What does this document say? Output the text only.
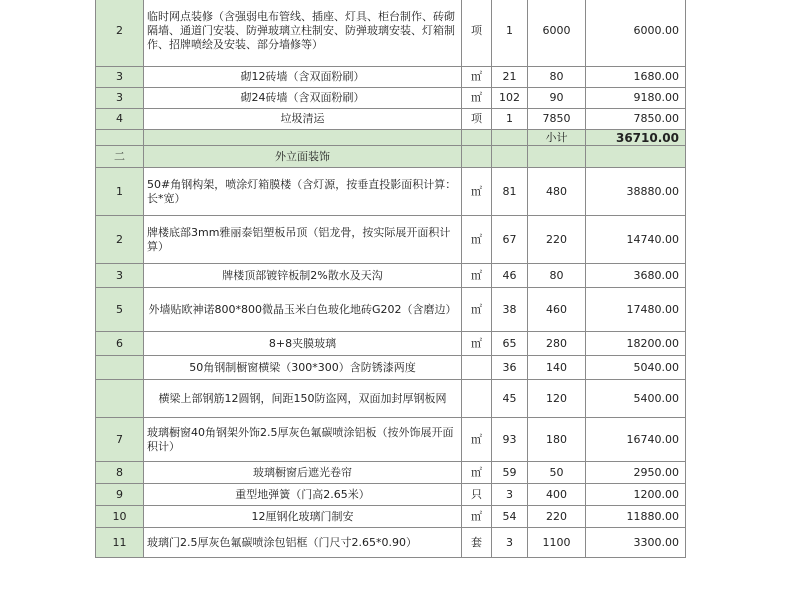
2	临时网点装修（含强弱电布管线、插座、灯具、柜台制作、砖砌隔墙、通道门安装、防弹玻璃立柱制安、防弹玻璃安装、灯箱制作、招牌喷绘及安装、部分墙修等）	项	1	6000	6000.00
3	砌12砖墙（含双面粉刷）	㎡	21	80	1680.00
3	砌24砖墙（含双面粉刷）	㎡	102	90	9180.00
4	垃圾清运	项	1	7850	7850.00
				小计	36710.00
二	外立面装饰				
1	50#角钢构架，喷涂灯箱膜楼（含灯源，按垂直投影面积计算：长*宽）	㎡	81	480	38880.00
2	牌楼底部3mm雅丽泰铝塑板吊顶（铝龙骨，按实际展开面积计算）	㎡	67	220	14740.00
3	牌楼顶部镀锌板制2%散水及天沟	㎡	46	80	3680.00
5	外墙贴欧神诺800*800微晶玉米白色玻化地砖G202（含磨边）	㎡	38	460	17480.00
6	8+8夹膜玻璃	㎡	65	280	18200.00
	50角钢制橱窗横梁（300*300）含防锈漆两度		36	140	5040.00
	横梁上部钢筋12圆钢，间距150防盗网，双面加封厚钢板网		45	120	5400.00
7	玻璃橱窗40角钢架外饰2.5厚灰色氟碳喷涂铝板（按外饰展开面积计）	㎡	93	180	16740.00
8	玻璃橱窗后遮光卷帘	㎡	59	50	2950.00
9	重型地弹簧（门高2.65米）	只	3	400	1200.00
10	12厘钢化玻璃门制安	㎡	54	220	11880.00
11	玻璃门2.5厚灰色氟碳喷涂包铝框（门尺寸2.65*0.90）	套	3	1100	3300.00
